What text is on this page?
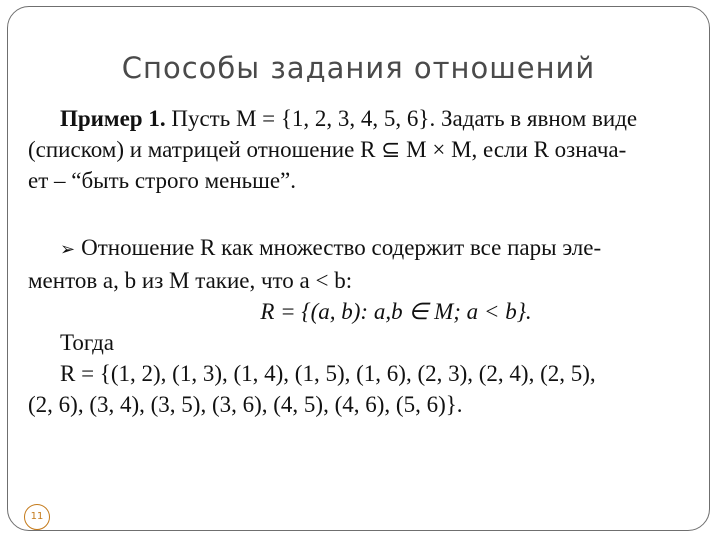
Способы задания отношений

Пример 1. Пусть M = {1, 2, 3, 4, 5, 6}. Задать в явном виде

(списком) и матрицей отношение R ⊆ M × M, если R означа-

ет – “быть строго меньше”.

➢ Отношение R как множество содержит все пары эле-

ментов a, b из M такие, что a < b:

R = {(a, b): a,b ∈ M; a < b}.

Тогда

R = {(1, 2), (1, 3), (1, 4), (1, 5), (1, 6), (2, 3), (2, 4), (2, 5),

(2, 6), (3, 4), (3, 5), (3, 6), (4, 5), (4, 6), (5, 6)}.

11
